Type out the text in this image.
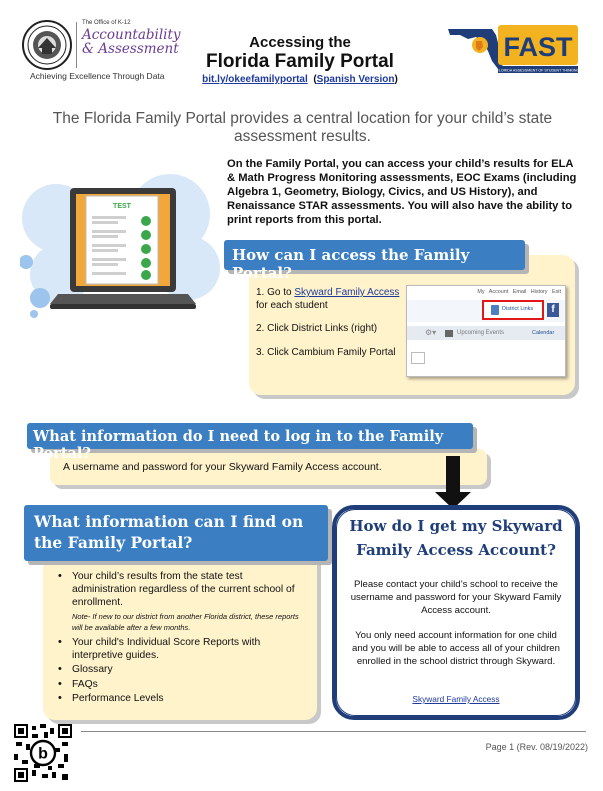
The Office of K-12
Accountability
& Assessment
Achieving Excellence Through Data
Accessing the
Florida Family Portal
bit.ly/okeefamilyportal  (Spanish Version)
FAST
FLORIDA ASSESSMENT OF STUDENT THINKING
The Florida Family Portal provides a central location for your child’s state assessment results.
On the Family Portal, you can access your child’s results for ELA & Math Progress Monitoring assessments, EOC Exams (including Algebra 1, Geometry, Biology, Civics, and US History), and Renaissance STAR assessments. You will also have the ability to print reports from this portal.
TEST
How can I access the Family Portal?

1. Go to Skyward Family Access for each student

2. Click District Links (right)

3. Click Cambium Family Portal

My Account Email History Exit
District Links	f
⚙▾	Upcoming Events	Calendar
What information do I need to log in to the Family Portal?
A username and password for your Skyward Family Access account.
What information can I find on
the Family Portal?
• Your child’s results from the state test administration regardless of the current school of enrollment.
Note- If new to our district from another Florida district, these reports will be available after a few months.
• Your child's Individual Score Reports with interpretive guides.
• Glossary
• FAQs
• Performance Levels
How do I get my Skyward
Family Access Account?
Please contact your child’s school to receive the username and password for your Skyward Family Access account.
You only need account information for one child and you will be able to access all of your children enrolled in the school district through Skyward.
Skyward Family Access
b	Page 1 (Rev. 08/19/2022)
